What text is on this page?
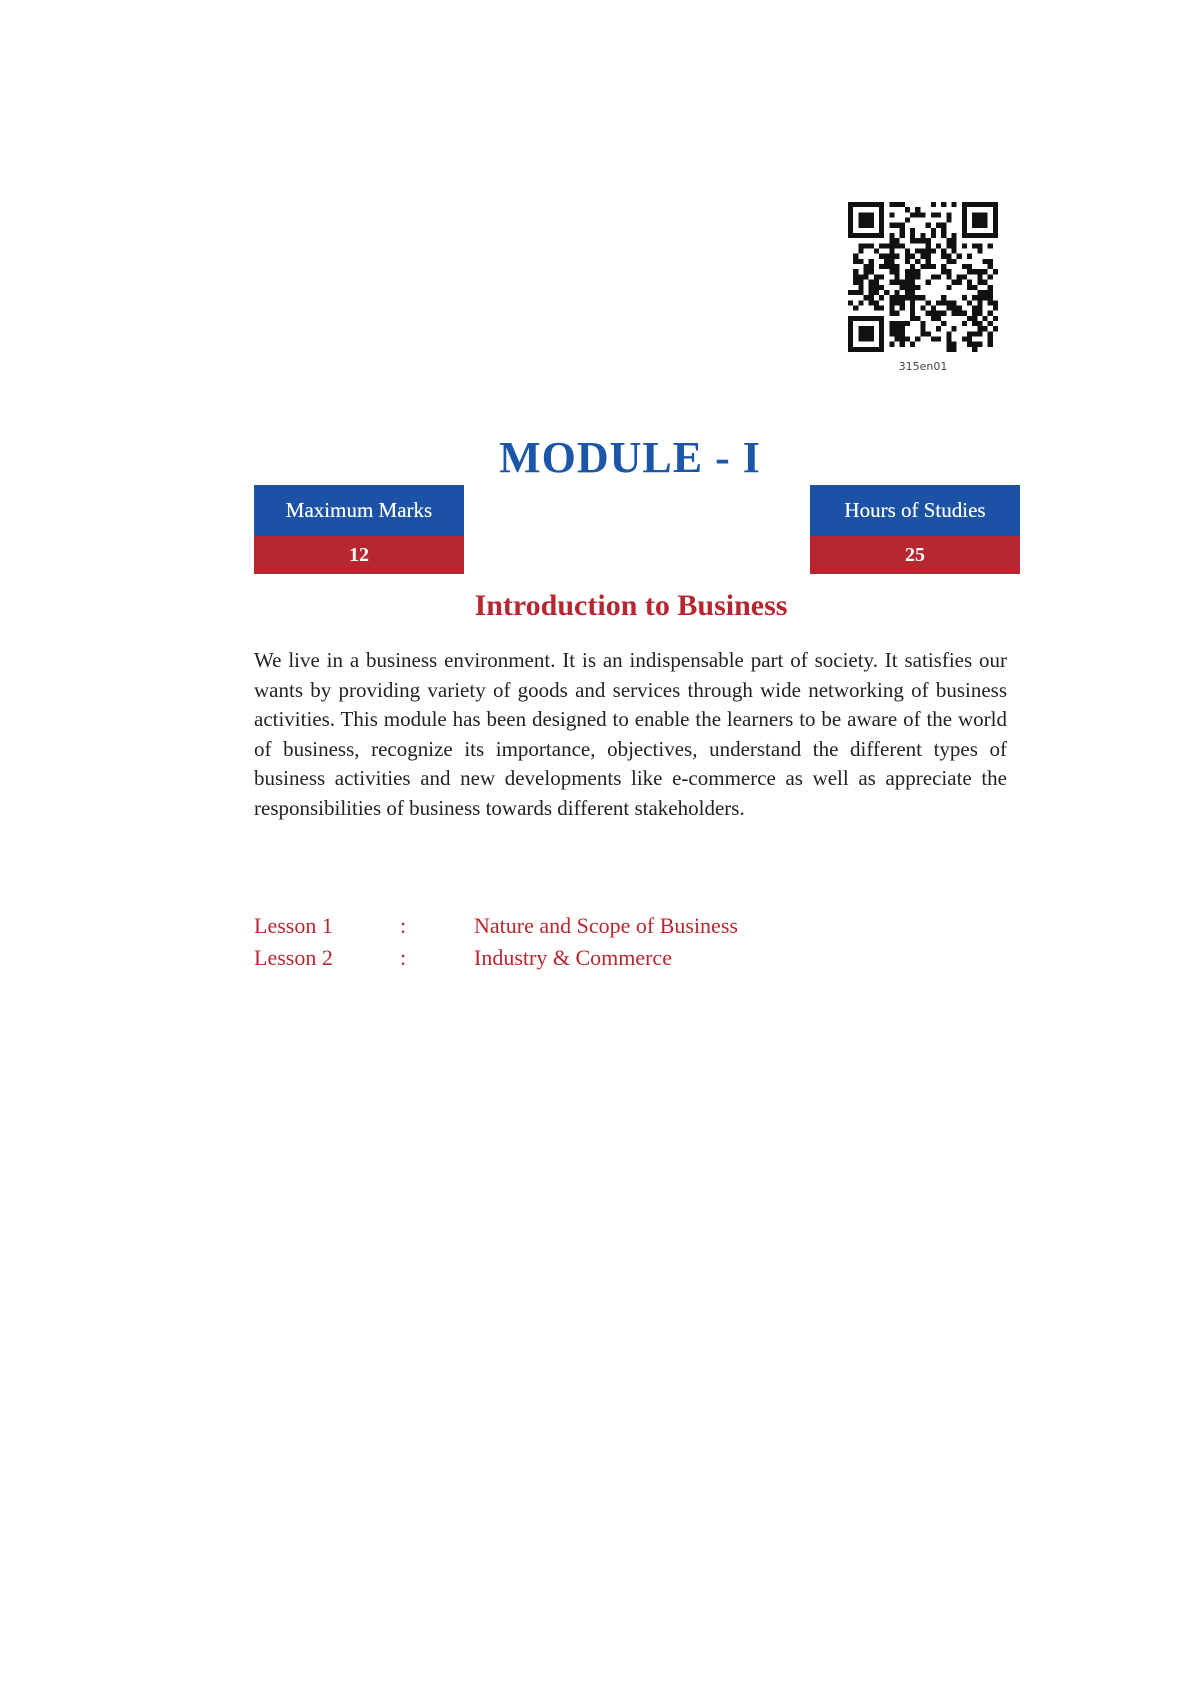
315en01
MODULE - I
Maximum Marks
12
Hours of Studies
25
Introduction to Business

We live in a business environment. It is an indispensable part of society. It satisfies our wants by providing variety of goods and services through wide networking of business activities. This module has been designed to enable the learners to be aware of the world of business, recognize its importance, objectives, understand the different types of business activities and new developments like e-commerce as well as appreciate the responsibilities of business towards different stakeholders.

Lesson 1	:	Nature and Scope of Business
Lesson 2	:	Industry & Commerce
